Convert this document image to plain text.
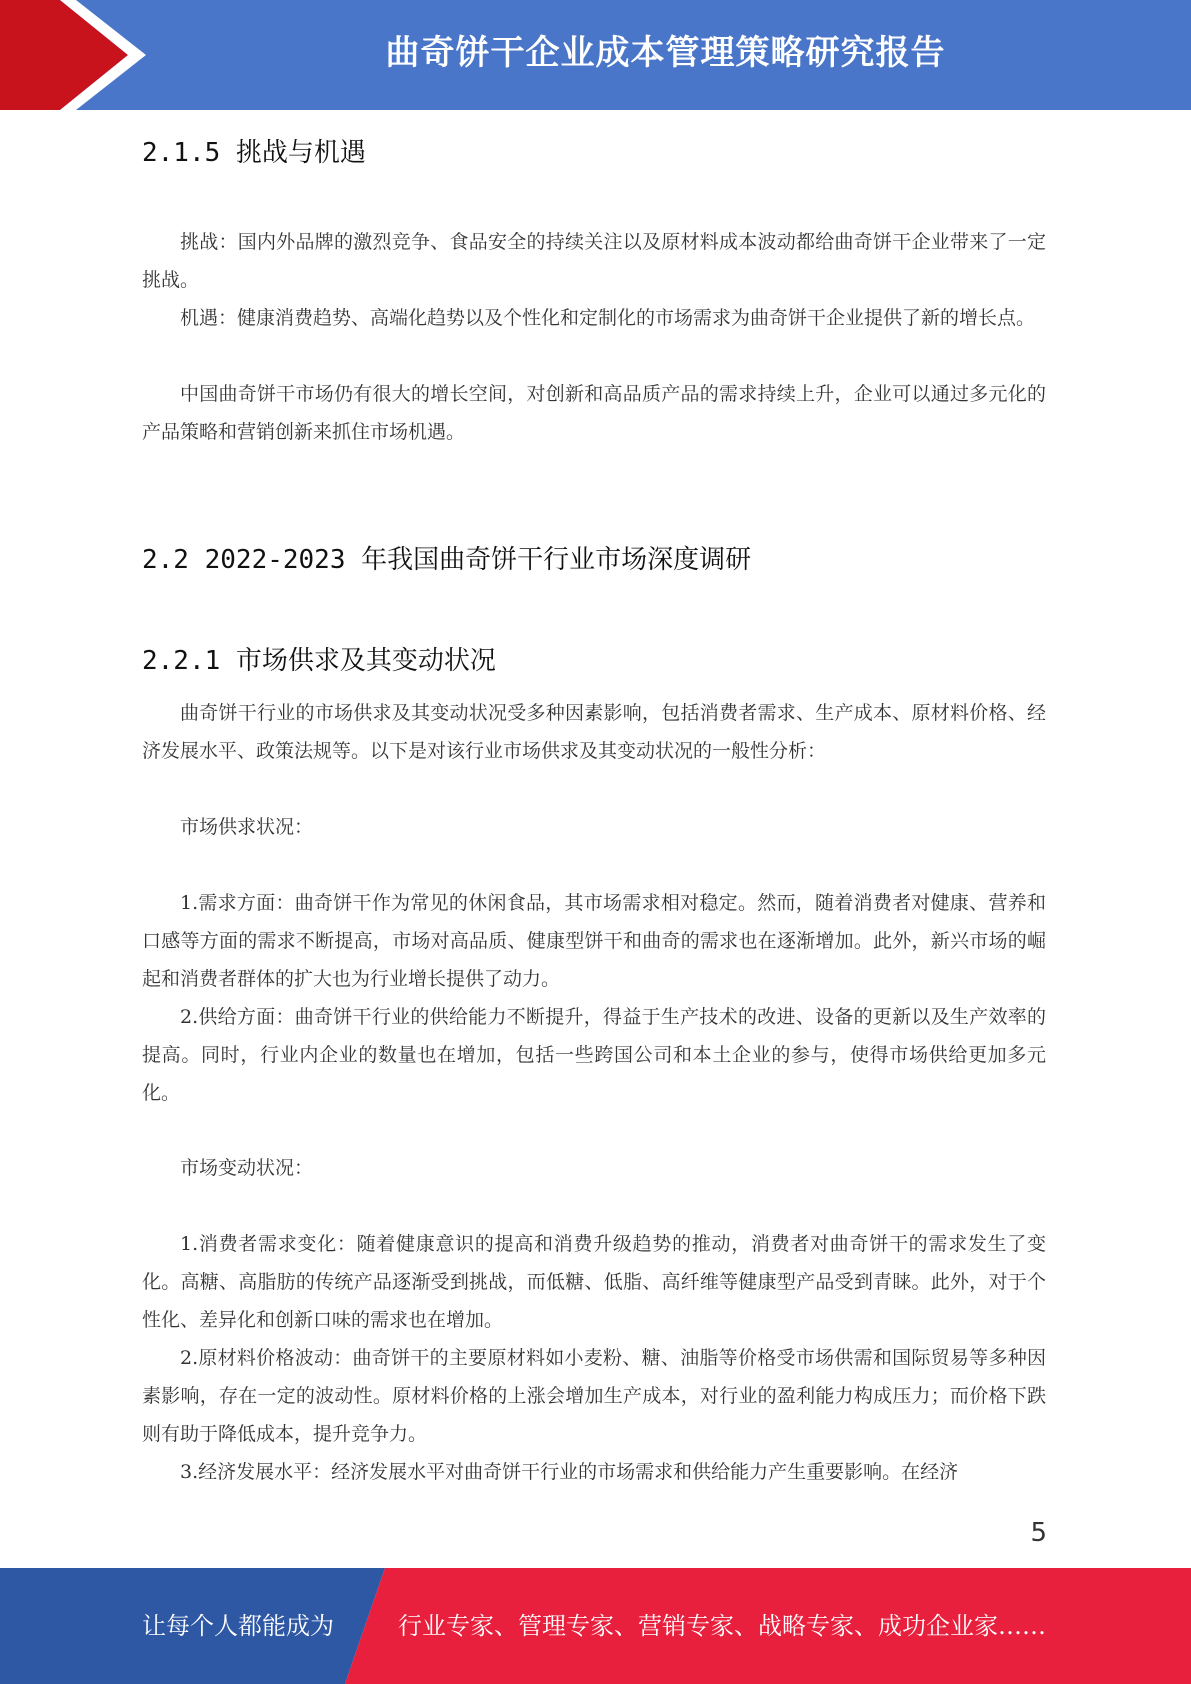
曲奇饼干企业成本管理策略研究报告
2.1.5 挑战与机遇

挑战：国内外品牌的激烈竞争、食品安全的持续关注以及原材料成本波动都给曲奇饼干企业带来了一定挑战。

机遇：健康消费趋势、高端化趋势以及个性化和定制化的市场需求为曲奇饼干企业提供了新的增长点。

中国曲奇饼干市场仍有很大的增长空间，对创新和高品质产品的需求持续上升，企业可以通过多元化的产品策略和营销创新来抓住市场机遇。

2.2 2022-2023 年我国曲奇饼干行业市场深度调研
2.2.1 市场供求及其变动状况

曲奇饼干行业的市场供求及其变动状况受多种因素影响，包括消费者需求、生产成本、原材料价格、经济发展水平、政策法规等。以下是对该行业市场供求及其变动状况的一般性分析：

市场供求状况：

1.需求方面：曲奇饼干作为常见的休闲食品，其市场需求相对稳定。然而，随着消费者对健康、营养和口感等方面的需求不断提高，市场对高品质、健康型饼干和曲奇的需求也在逐渐增加。此外，新兴市场的崛起和消费者群体的扩大也为行业增长提供了动力。

2.供给方面：曲奇饼干行业的供给能力不断提升，得益于生产技术的改进、设备的更新以及生产效率的提高。同时，行业内企业的数量也在增加，包括一些跨国公司和本土企业的参与，使得市场供给更加多元化。

市场变动状况：

1.消费者需求变化：随着健康意识的提高和消费升级趋势的推动，消费者对曲奇饼干的需求发生了变化。高糖、高脂肪的传统产品逐渐受到挑战，而低糖、低脂、高纤维等健康型产品受到青睐。此外，对于个性化、差异化和创新口味的需求也在增加。

2.原材料价格波动：曲奇饼干的主要原材料如小麦粉、糖、油脂等价格受市场供需和国际贸易等多种因素影响，存在一定的波动性。原材料价格的上涨会增加生产成本，对行业的盈利能力构成压力；而价格下跌则有助于降低成本，提升竞争力。

3.经济发展水平：经济发展水平对曲奇饼干行业的市场需求和供给能力产生重要影响。在经济

5
让每个人都能成为	行业专家、管理专家、营销专家、战略专家、成功企业家……
